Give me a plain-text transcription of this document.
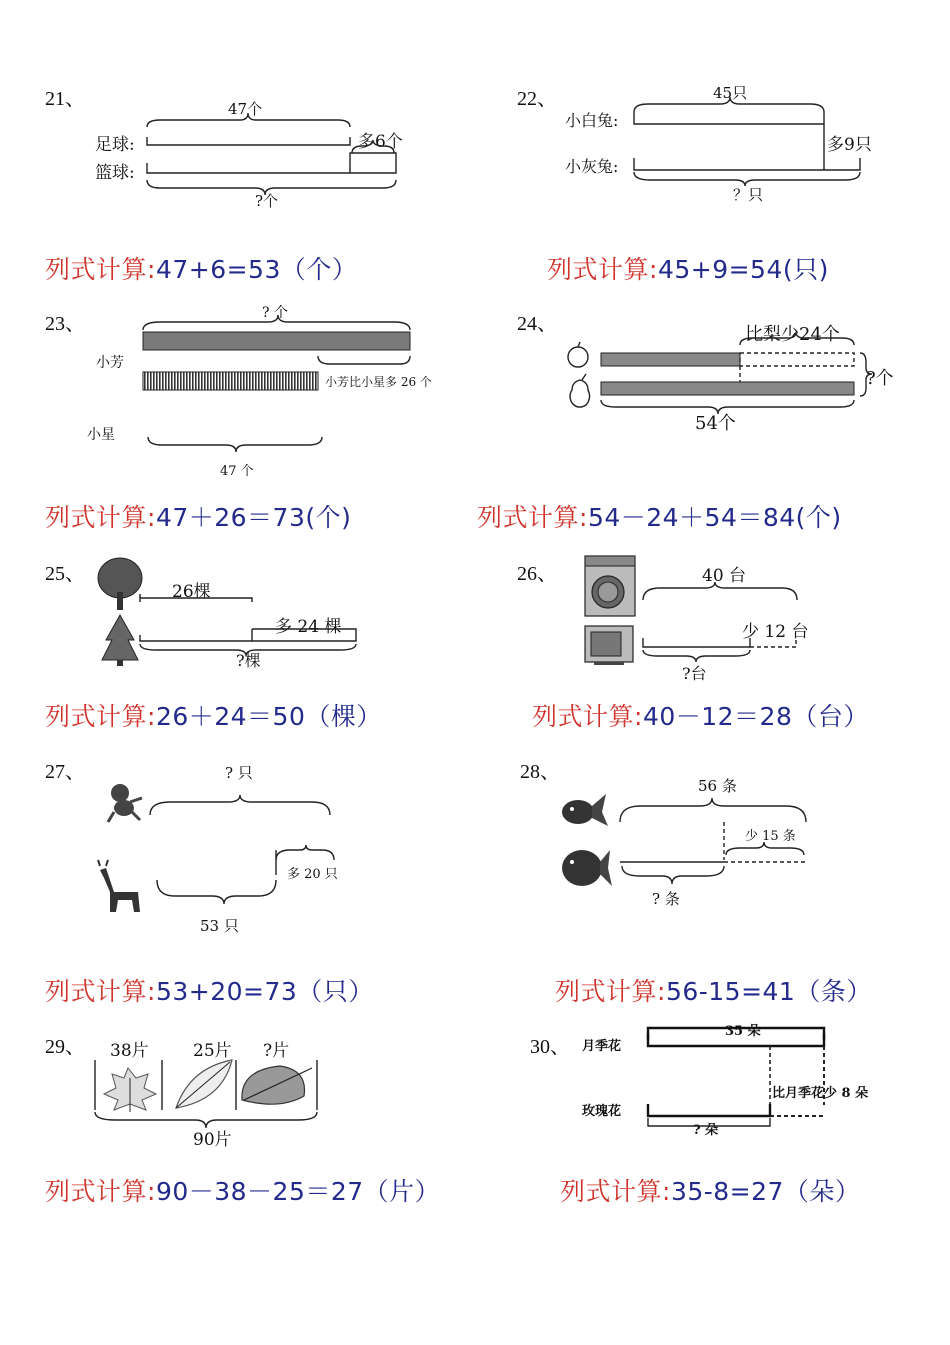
21、	47个
足球:
篮球:
多6个
?个
列式计算:47+6=53（个）
22、	45只
小白兔:
小灰兔:
多9只
？只
列式计算:45+9=54(只)
23、	? 个
小芳
小星
小芳比小星多 26 个
47 个
列式计算:47＋26＝73(个)
24、	比梨少24个
?个
54个
列式计算:54－24＋54＝84(个)
25、
26棵
多 24 棵
?棵
列式计算:26＋24＝50（棵）
26、	40 台
少 12 台
?台
列式计算:40－12＝28（台）
27、	? 只
多 20 只
53 只
列式计算:53+20=73（只）
28、
56 条
少 15 条
? 条
列式计算:56-15=41（条）
29、 38片	25片 ?片
90片
列式计算:90－38－25＝27（片）
30、 月季花
玫瑰花
35 朵
比月季花少 8 朵
? 朵
列式计算:35-8=27（朵）
